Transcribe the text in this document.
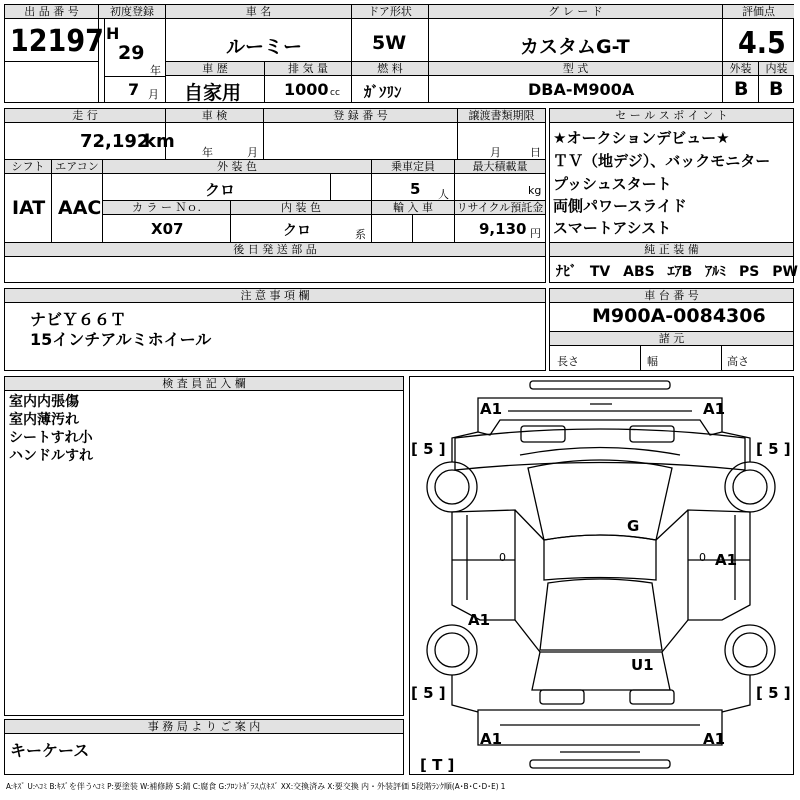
出 品 番 号
12197
初度登録
H
29
年
7 月
車 名
ルーミー
ドア形状
5W
グ レ ー ド
カスタムG-T
評価点
4.5
外装	内装
B B
車 歴
自家用
排 気 量
1000 cc
燃 料
ｶﾞｿﾘﾝ
型 式
DBA-M900A
走 行
72,192
km
車 検
年	月
登 録 番 号	譲渡書類期限
月	日
シフト
IAT
エアコン
AAC
外 装 色
クロ
乗車定員
5 人
最大積載量
kg
カ ラ ー Ｎｏ.
X07
内 装 色
クロ	系
輸 入 車	リサイクル預託金
9,130 円
後 日 発 送 部 品
セ ー ル ス ポ イ ン ト
★オークションデビュー★
ＴＶ（地デジ）、バックモニター
プッシュスタート
両側パワースライド
スマートアシスト
純 正 装 備
ﾅﾋﾞ TV ABS ｴｱB ｱﾙﾐ PS PW
注 意 事 項 欄
ナビＹ６６Ｔ
15インチアルミホイール
車 台 番 号
M900A-0084306
諸 元
長さ	幅	高さ
検 査 員 記 入 欄
室内内張傷
室内薄汚れ
シートすれ小
ハンドルすれ
事 務 局 よ り ご 案 内
キーケース
A1	A1
G
A1
A1
U1
A1	A1
0	0
[ 5 ]	[ 5 ]
[ 5 ]	[ 5 ]
[ T ]
A:ｷｽﾞ U:ﾍｺﾐ B:ｷｽﾞを伴うﾍｺﾐ P:要塗装 W:補修跡 S:錆 C:腐食 G:ﾌﾛﾝﾄｶﾞﾗｽ点ｷｽﾞ XX:交換済み X:要交換 内・外装評価 5段階ﾗﾝｸ順(A･B･C･D･E) 1
